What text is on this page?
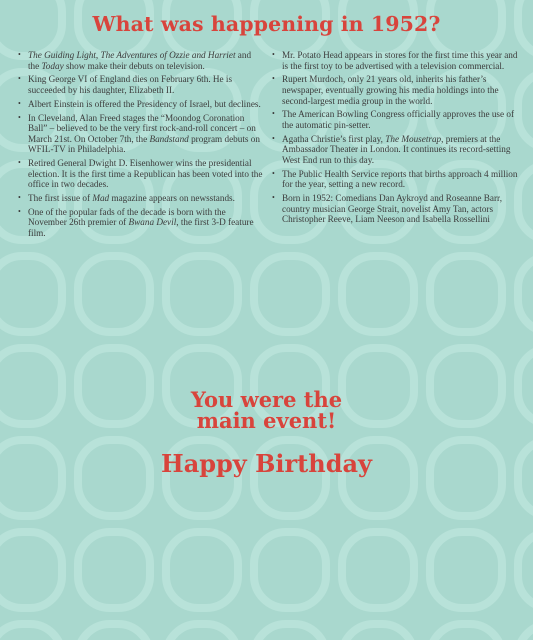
What was happening in 1952?
• The Guiding Light, The Adventures of Ozzie and Harriet and the Today show make their debuts on television.
• King George VI of England dies on February 6th. He is succeeded by his daughter, Elizabeth II.
• Albert Einstein is offered the Presidency of Israel, but declines.
• In Cleveland, Alan Freed stages the “Moondog Coronation Ball” – believed to be the very first rock-and-roll concert – on March 21st. On October 7th, the Bandstand program debuts on WFIL-TV in Philadelphia.
• Retired General Dwight D. Eisenhower wins the presidential election. It is the first time a Republican has been voted into the office in two decades.
• The first issue of Mad magazine appears on newsstands.
• One of the popular fads of the decade is born with the November 26th premier of Bwana Devil, the first 3-D feature film.
• Mr. Potato Head appears in stores for the first time this year and is the first toy to be advertised with a television commercial.
• Rupert Murdoch, only 21 years old, inherits his father’s newspaper, eventually growing his media holdings into the second-largest media group in the world.
• The American Bowling Congress officially approves the use of the automatic pin-setter.
• Agatha Christie’s first play, The Mousetrap, premiers at the Ambassador Theater in London. It continues its record-setting West End run to this day.
• The Public Health Service reports that births approach 4 million for the year, setting a new record.
• Born in 1952: Comedians Dan Aykroyd and Roseanne Barr, country musician George Strait, novelist Amy Tan, actors Christopher Reeve, Liam Neeson and Isabella Rossellini
You were the
main event!
Happy Birthday
